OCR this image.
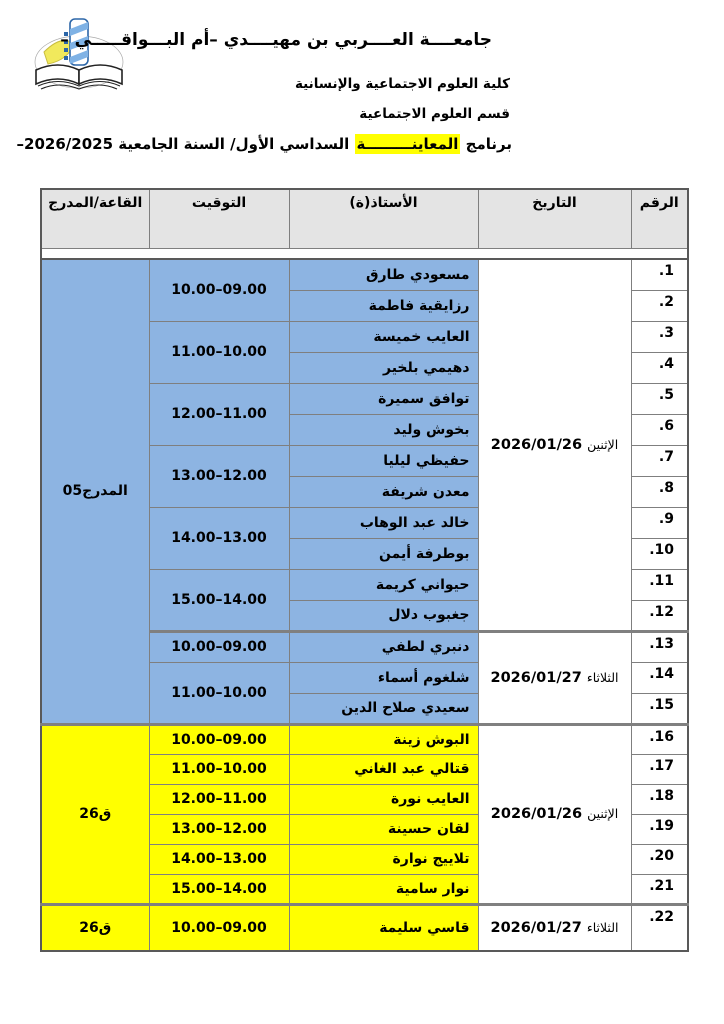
جامعــــة العــــربي بن مهيــــدي –أم البـــواقـــــي –
كلية العلوم الاجتماعية والإنسانية
قسم العلوم الاجتماعية
برنامج المعاينـــــــــة السداسي الأول/ السنة الجامعية 2026/2025–
الرقم	التاريخ	الأستاذ(ة)	التوقيت	القاعة/المدرج

1.	الإثنين2026/01/26	مسعودي طارق	10.00–09.00	المدرج05
2.		رزايقية فاطمة		
3.		العايب خميسة	11.00–10.00	
4.		دهيمي بلخير		
5.		توافق سميرة	12.00–11.00	
6.		بخوش وليد		
7.		حفيظي ليليا	13.00–12.00	
8.		معدن شريفة		
9.		خالد عبد الوهاب	14.00–13.00	
10.		بوطرفة أيمن		
11.		حيواني كريمة	15.00–14.00	
12.		جغبوب دلال		
13.	الثلاثاء2026/01/27	دنبري لطفي	10.00–09.00	
14.		شلغوم أسماء	11.00–10.00	
15.		سعيدي صلاح الدين		
16.	الإثنين2026/01/26	البوش زينة	10.00–09.00	ق26
17.		قتالي عبد الغاني	11.00–10.00	
18.		العايب نورة	12.00–11.00	
19.		لقان حسينة	13.00–12.00	
20.		تلاييج نوارة	14.00–13.00	
21.		نوار سامية	15.00–14.00	
22.	الثلاثاء2026/01/27	قاسي سليمة	10.00–09.00	ق26
